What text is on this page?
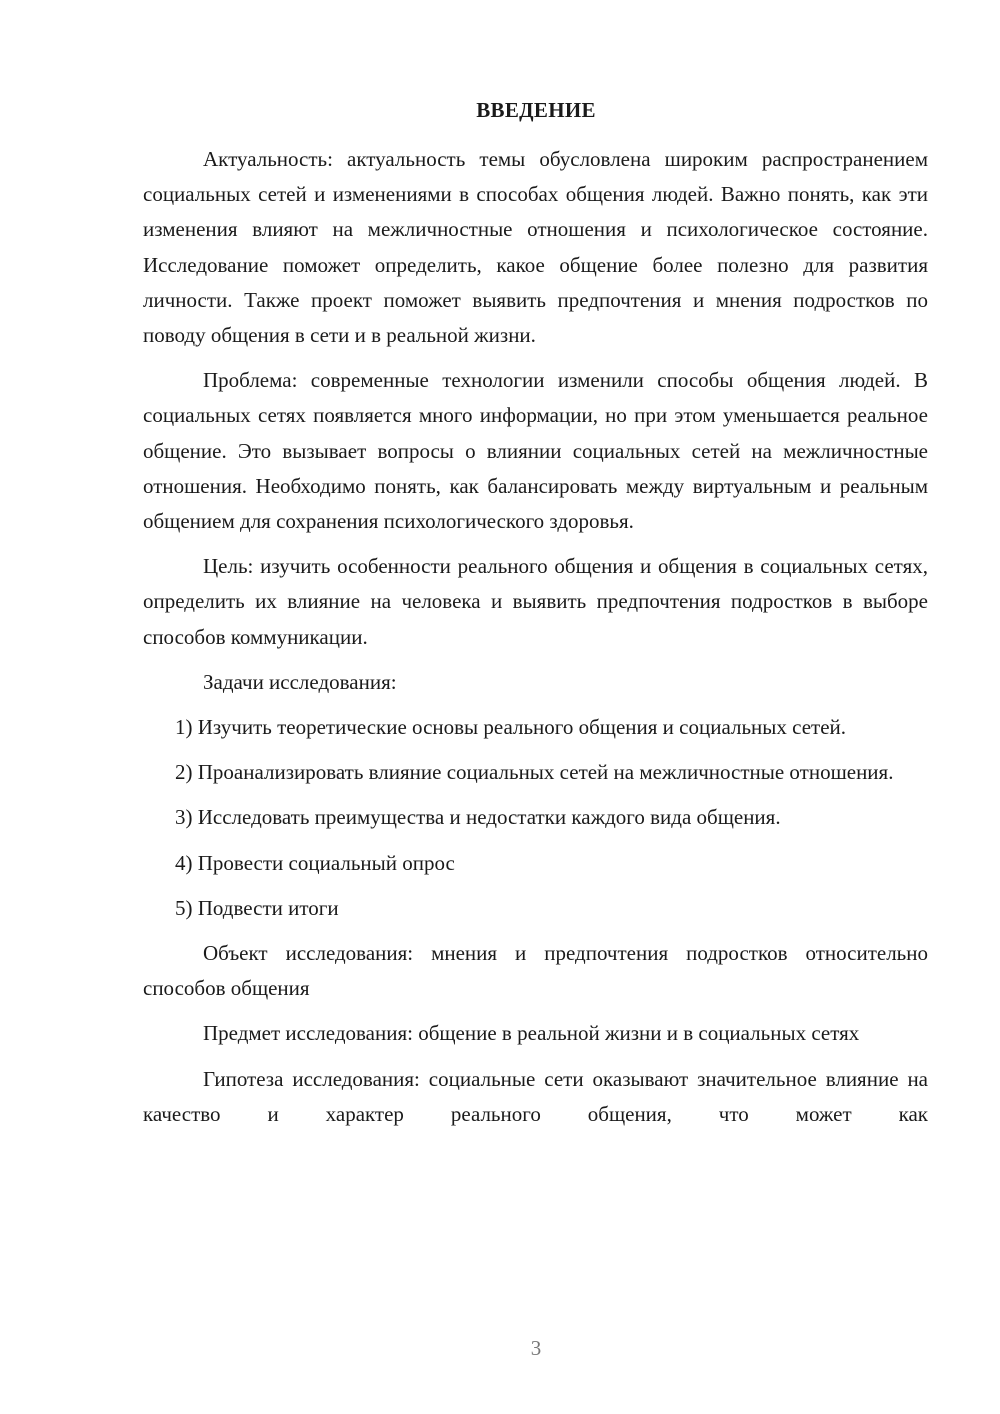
ВВЕДЕНИЕ

Актуальность: актуальность темы обусловлена широким распространением социальных сетей и изменениями в способах общения людей. Важно понять, как эти изменения влияют на межличностные отношения и психологическое состояние. Исследование поможет определить, какое общение более полезно для развития личности. Также проект поможет выявить предпочтения и мнения подростков по поводу общения в сети и в реальной жизни.

Проблема: современные технологии изменили способы общения людей. В социальных сетях появляется много информации, но при этом уменьшается реальное общение. Это вызывает вопросы о влиянии социальных сетей на межличностные отношения. Необходимо понять, как балансировать между виртуальным и реальным общением для сохранения психологического здоровья.

Цель: изучить особенности реального общения и общения в социальных сетях, определить их влияние на человека и выявить предпочтения подростков в выборе способов коммуникации.

Задачи исследования:

1) Изучить теоретические основы реального общения и социальных сетей.

2) Проанализировать влияние социальных сетей на межличностные отношения.

3) Исследовать преимущества и недостатки каждого вида общения.

4) Провести социальный опрос

5) Подвести итоги

Объект исследования: мнения и предпочтения подростков относительно способов общения

Предмет исследования: общение в реальной жизни и в социальных сетях

Гипотеза исследования: социальные сети оказывают значительное влияние на качество и характер реального общения, что может как

3
